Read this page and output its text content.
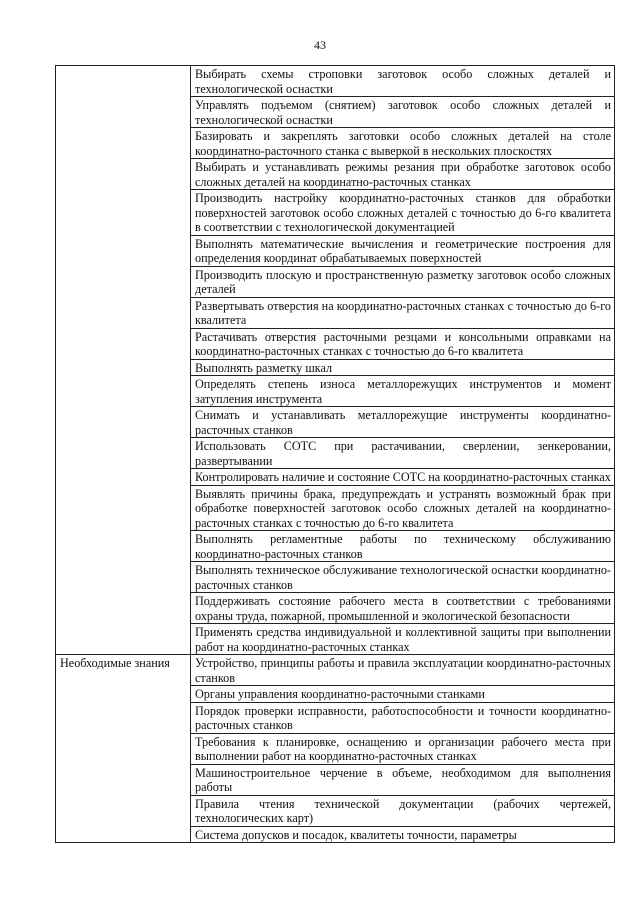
43
	Выбирать схемы строповки заготовок особо сложных деталей и технологической оснастки
	Управлять подъемом (снятием) заготовок особо сложных деталей и технологической оснастки
	Базировать и закреплять заготовки особо сложных деталей на столе координатно-расточного станка с выверкой в нескольких плоскостях
	Выбирать и устанавливать режимы резания при обработке заготовок особо сложных деталей на координатно-расточных станках
	Производить настройку координатно-расточных станков для обработки поверхностей заготовок особо сложных деталей с точностью до 6-го квалитета в соответствии с технологической документацией
	Выполнять математические вычисления и геометрические построения для определения координат обрабатываемых поверхностей
	Производить плоскую и пространственную разметку заготовок особо сложных деталей
	Развертывать отверстия на координатно-расточных станках с точностью до 6-го квалитета
	Растачивать отверстия расточными резцами и консольными оправками на координатно-расточных станках с точностью до 6-го квалитета
	Выполнять разметку шкал
	Определять степень износа металлорежущих инструментов и момент затупления инструмента
	Снимать и устанавливать металлорежущие инструменты координатно-расточных станков
	Использовать СОТС при растачивании, сверлении, зенкеровании, развертывании
	Контролировать наличие и состояние СОТС на координатно-расточных станках
	Выявлять причины брака, предупреждать и устранять возможный брак при обработке поверхностей заготовок особо сложных деталей на координатно-расточных станках с точностью до 6-го квалитета
	Выполнять регламентные работы по техническому обслуживанию координатно-расточных станков
	Выполнять техническое обслуживание технологической оснастки координатно-расточных станков
	Поддерживать состояние рабочего места в соответствии с требованиями охраны труда, пожарной, промышленной и экологической безопасности
	Применять средства индивидуальной и коллективной защиты при выполнении работ на координатно-расточных станках
Необходимые знания	Устройство, принципы работы и правила эксплуатации координатно-расточных станков
	Органы управления координатно-расточными станками
	Порядок проверки исправности, работоспособности и точности координатно-расточных станков
	Требования к планировке, оснащению и организации рабочего места при выполнении работ на координатно-расточных станках
	Машиностроительное черчение в объеме, необходимом для выполнения работы
	Правила чтения технической документации (рабочих чертежей, технологических карт)
	Система допусков и посадок, квалитеты точности, параметры
